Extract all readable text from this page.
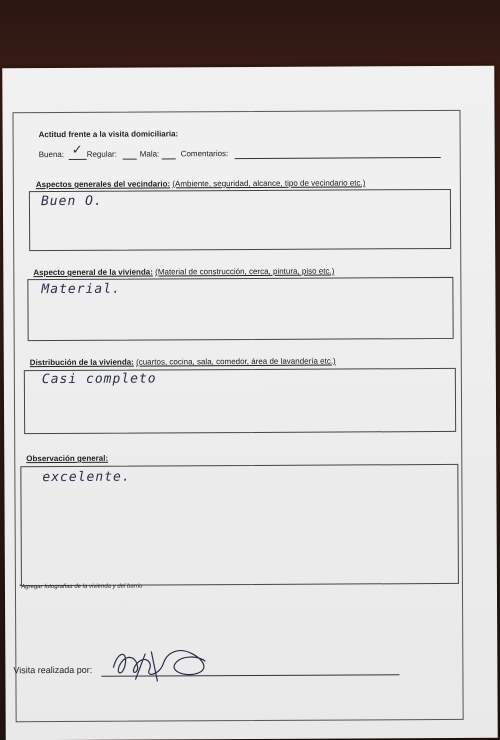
Actitud frente a la visita domiciliaria:
Buena: ✓ Regular:	Mala:	Comentarios:
Aspectos generales del vecindario: (Ambiente, seguridad, alcance, tipo de vecindario etc.)
Buen O.
Aspecto general de la vivienda: (Material de construcción, cerca, pintura, piso etc.)
Material.
Distribución de la vivienda: (cuartos, cocina, sala, comedor, área de lavandería etc.)
Casi completo
Observación general:
excelente.
*Agregar fotografías de la vivienda y del barrio
Visita realizada por:
